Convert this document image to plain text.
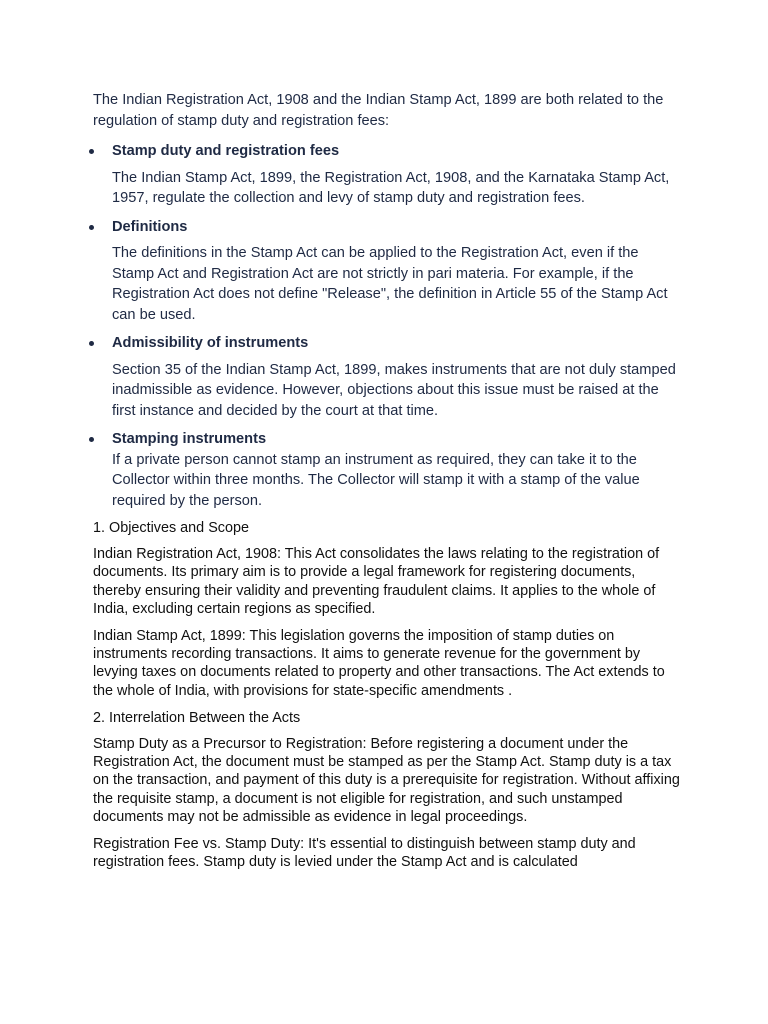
The Indian Registration Act, 1908 and the Indian Stamp Act, 1899 are both related to the regulation of stamp duty and registration fees:

Stamp duty and registration fees

The Indian Stamp Act, 1899, the Registration Act, 1908, and the Karnataka Stamp Act, 1957, regulate the collection and levy of stamp duty and registration fees.

Definitions

The definitions in the Stamp Act can be applied to the Registration Act, even if the Stamp Act and Registration Act are not strictly in pari materia. For example, if the Registration Act does not define "Release", the definition in Article 55 of the Stamp Act can be used.

Admissibility of instruments

Section 35 of the Indian Stamp Act, 1899, makes instruments that are not duly stamped inadmissible as evidence. However, objections about this issue must be raised at the first instance and decided by the court at that time.

Stamping instruments

If a private person cannot stamp an instrument as required, they can take it to the Collector within three months. The Collector will stamp it with a stamp of the value required by the person.

1. Objectives and Scope

Indian Registration Act, 1908: This Act consolidates the laws relating to the registration of documents. Its primary aim is to provide a legal framework for registering documents, thereby ensuring their validity and preventing fraudulent claims. It applies to the whole of India, excluding certain regions as specified.

Indian Stamp Act, 1899: This legislation governs the imposition of stamp duties on instruments recording transactions. It aims to generate revenue for the government by levying taxes on documents related to property and other transactions. The Act extends to the whole of India, with provisions for state-specific amendments .

2. Interrelation Between the Acts

Stamp Duty as a Precursor to Registration: Before registering a document under the Registration Act, the document must be stamped as per the Stamp Act. Stamp duty is a tax on the transaction, and payment of this duty is a prerequisite for registration. Without affixing the requisite stamp, a document is not eligible for registration, and such unstamped documents may not be admissible as evidence in legal proceedings.

Registration Fee vs. Stamp Duty: It's essential to distinguish between stamp duty and registration fees. Stamp duty is levied under the Stamp Act and is calculated
